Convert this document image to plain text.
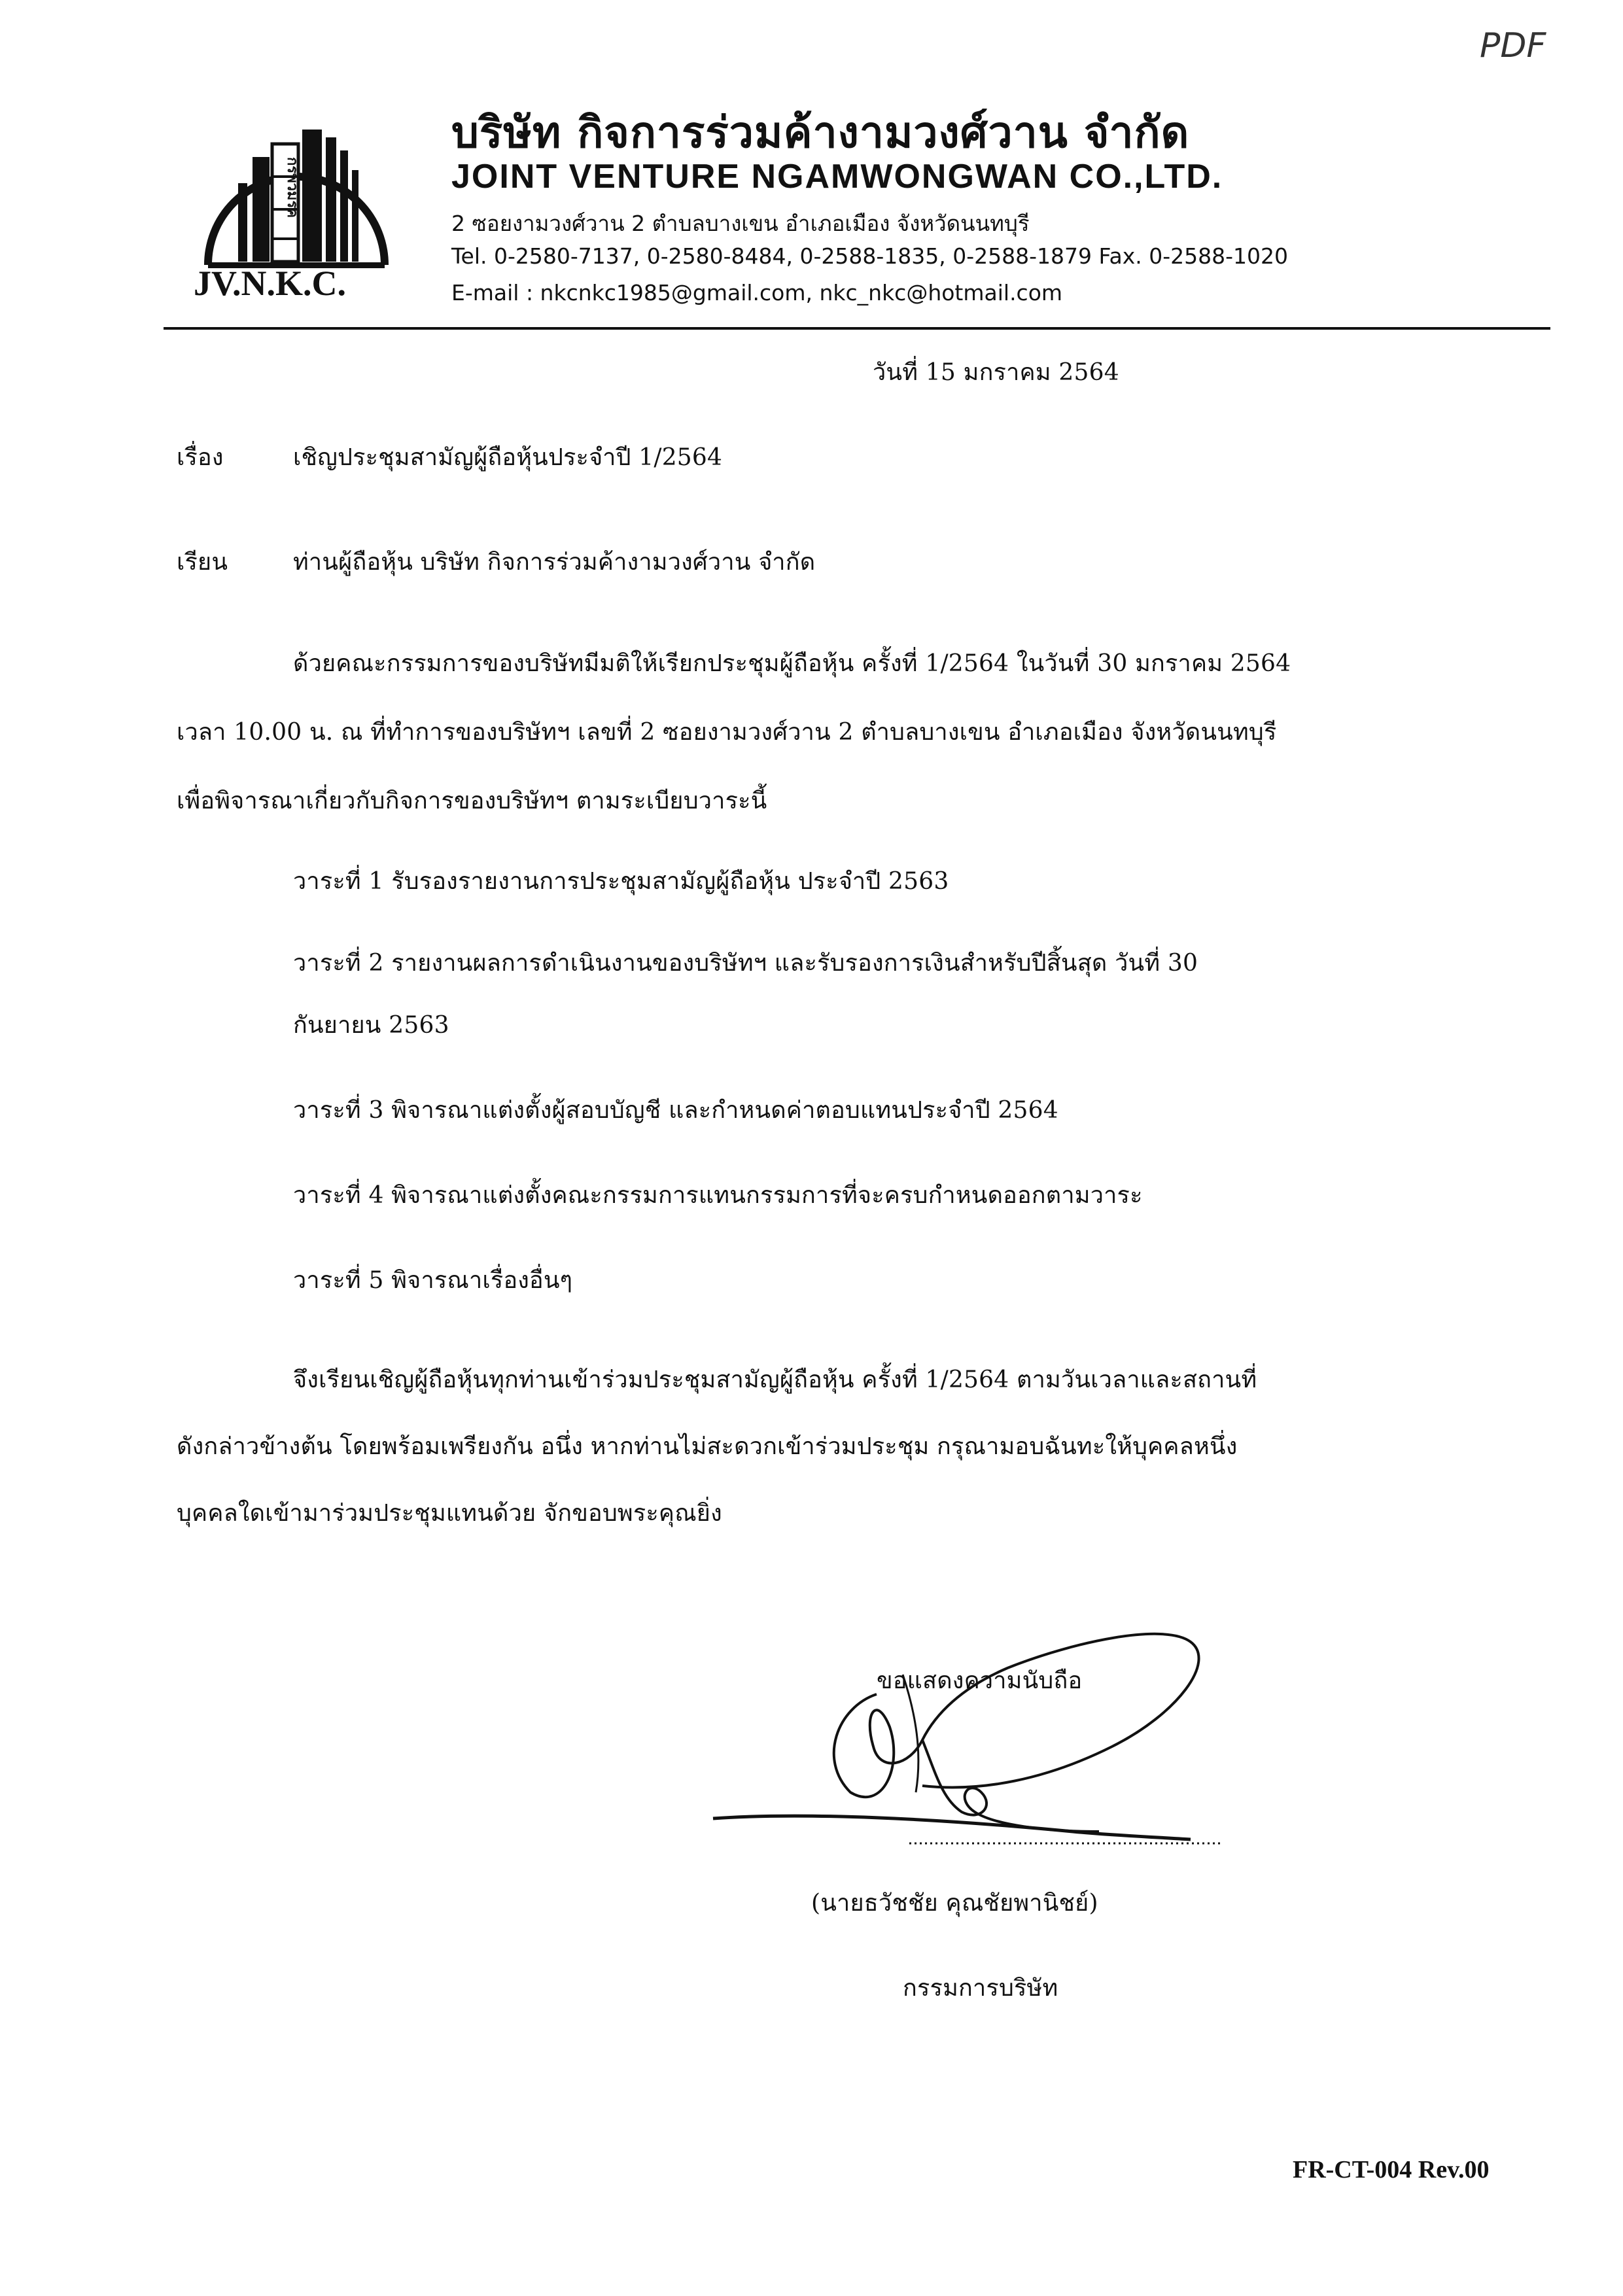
PDF
กรพวมรค
JV.N.K.C.
บริษัท กิจการร่วมค้างามวงศ์วาน จำกัด
JOINT VENTURE NGAMWONGWAN CO.,LTD.
2 ซอยงามวงศ์วาน 2 ตำบลบางเขน อำเภอเมือง จังหวัดนนทบุรี
Tel. 0-2580-7137, 0-2580-8484, 0-2588-1835, 0-2588-1879 Fax. 0-2588-1020
E-mail : nkcnkc1985@gmail.com, nkc_nkc@hotmail.com
วันที่ 15 มกราคม 2564
เรื่อง	เชิญประชุมสามัญผู้ถือหุ้นประจำปี 1/2564
เรียน	ท่านผู้ถือหุ้น บริษัท กิจการร่วมค้างามวงศ์วาน จำกัด
ด้วยคณะกรรมการของบริษัทมีมติให้เรียกประชุมผู้ถือหุ้น ครั้งที่ 1/2564 ในวันที่ 30 มกราคม 2564
เวลา 10.00 น. ณ ที่ทำการของบริษัทฯ เลขที่ 2 ซอยงามวงศ์วาน 2 ตำบลบางเขน อำเภอเมือง จังหวัดนนทบุรี
เพื่อพิจารณาเกี่ยวกับกิจการของบริษัทฯ ตามระเบียบวาระนี้
วาระที่ 1 รับรองรายงานการประชุมสามัญผู้ถือหุ้น ประจำปี 2563
วาระที่ 2 รายงานผลการดำเนินงานของบริษัทฯ และรับรองการเงินสำหรับปีสิ้นสุด วันที่ 30
กันยายน 2563
วาระที่ 3 พิจารณาแต่งตั้งผู้สอบบัญชี และกำหนดค่าตอบแทนประจำปี 2564
วาระที่ 4 พิจารณาแต่งตั้งคณะกรรมการแทนกรรมการที่จะครบกำหนดออกตามวาระ
วาระที่ 5 พิจารณาเรื่องอื่นๆ
จึงเรียนเชิญผู้ถือหุ้นทุกท่านเข้าร่วมประชุมสามัญผู้ถือหุ้น ครั้งที่ 1/2564 ตามวันเวลาและสถานที่
ดังกล่าวข้างต้น โดยพร้อมเพรียงกัน อนึ่ง หากท่านไม่สะดวกเข้าร่วมประชุม กรุณามอบฉันทะให้บุคคลหนึ่ง
บุคคลใดเข้ามาร่วมประชุมแทนด้วย จักขอบพระคุณยิ่ง
ขอแสดงความนับถือ
(นายธวัชชัย คุณชัยพานิชย์)
กรรมการบริษัท
FR-CT-004 Rev.00
